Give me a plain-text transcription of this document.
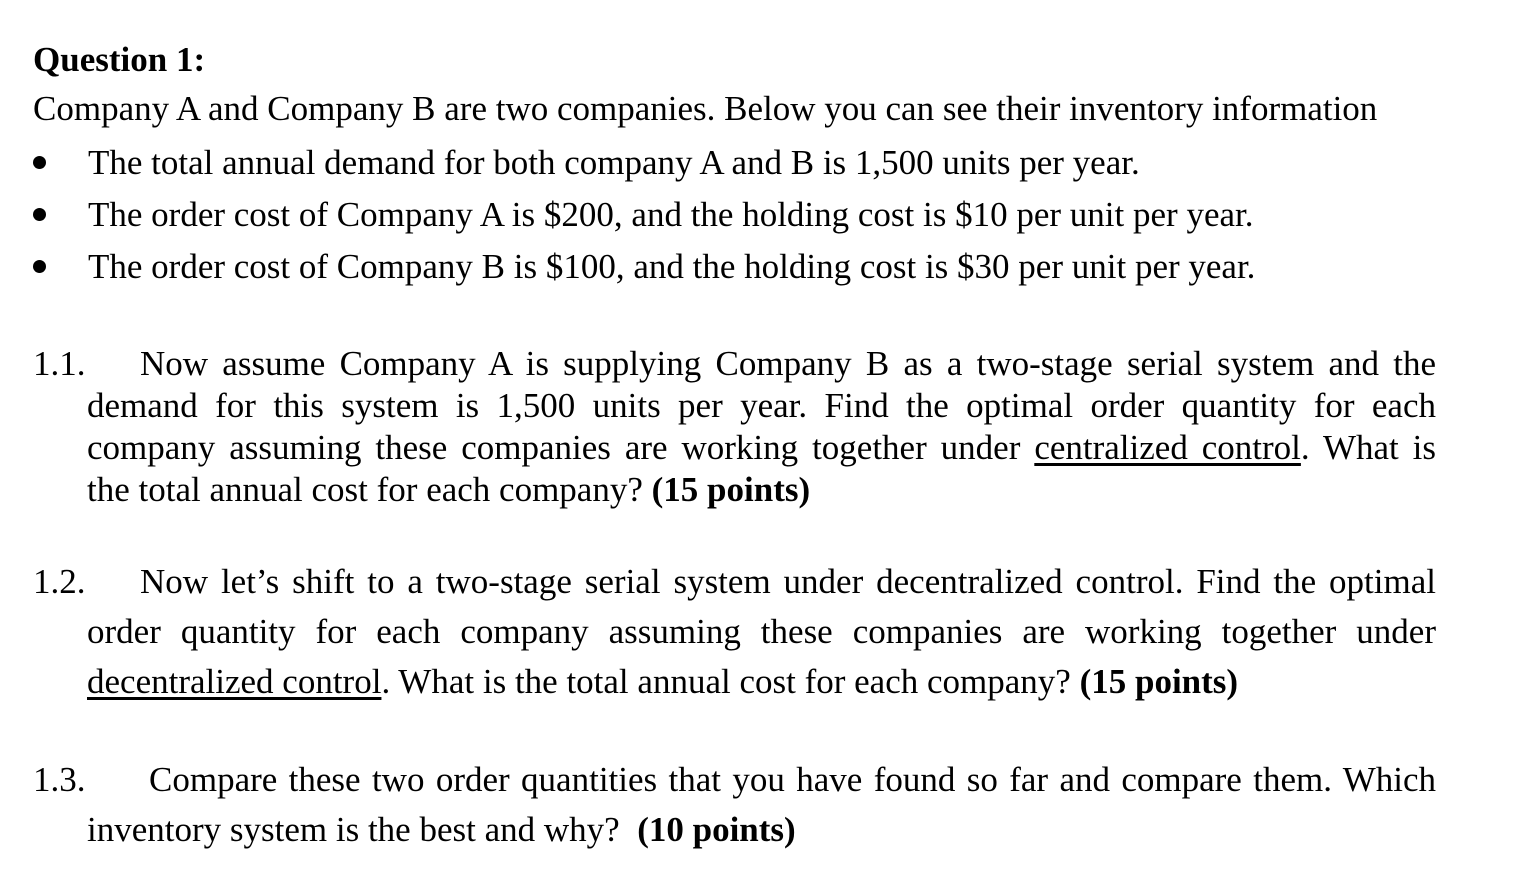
Question 1:
Company A and Company B are two companies. Below you can see their inventory information
The total annual demand for both company A and B is 1,500 units per year.
The order cost of Company A is $200, and the holding cost is $10 per unit per year.
The order cost of Company B is $100, and the holding cost is $30 per unit per year.
1.1. Now assume Company A is supplying Company B as a two-stage serial system and the
demand for this system is 1,500 units per year. Find the optimal order quantity for each
company assuming these companies are working together under centralized control. What is
the total annual cost for each company? (15 points)
1.2. Now let’s shift to a two-stage serial system under decentralized control. Find the optimal
order quantity for each company assuming these companies are working together under
decentralized control. What is the total annual cost for each company? (15 points)
1.3. Compare these two order quantities that you have found so far and compare them. Which
inventory system is the best and why? (10 points)
